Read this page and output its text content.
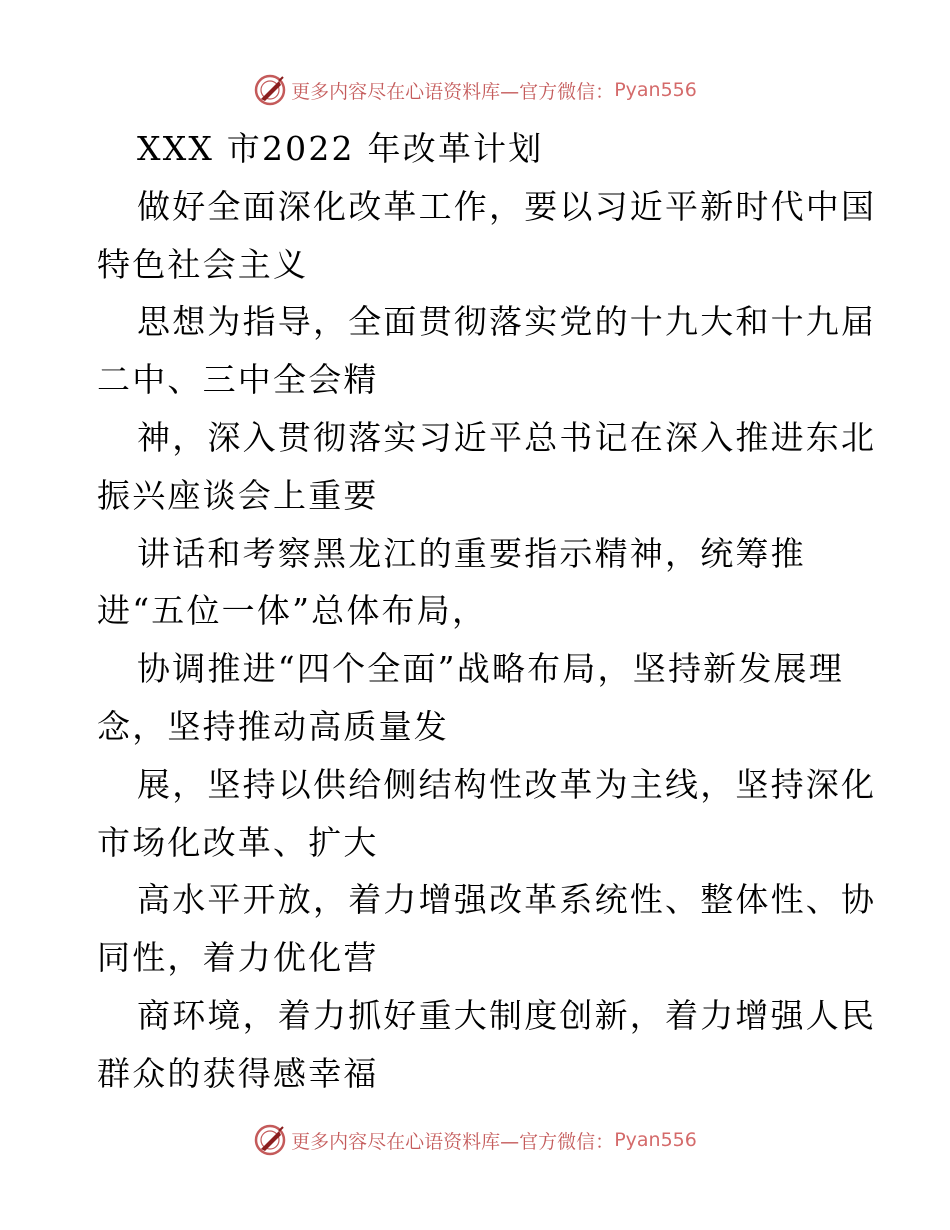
更多内容尽在心语资料库 —官方微信： Pyan556
XXX 市2022 年改革计划
做好全面深化改革工作，要以习近平新时代中国
特色社会主义
思想为指导，全面贯彻落实党的十九大和十九届
二中、三中全会精
神，深入贯彻落实习近平总书记在深入推进东北
振兴座谈会上重要
讲话和考察黑龙江的重要指示精神，统筹推
进“五位一体”总体布局，
协调推进“四个全面”战略布局，坚持新发展理
念，坚持推动高质量发
展，坚持以供给侧结构性改革为主线，坚持深化
市场化改革、扩大
高水平开放，着力增强改革系统性、整体性、协
同性，着力优化营
商环境，着力抓好重大制度创新，着力增强人民
群众的获得感幸福
更多内容尽在心语资料库 —官方微信： Pyan556
